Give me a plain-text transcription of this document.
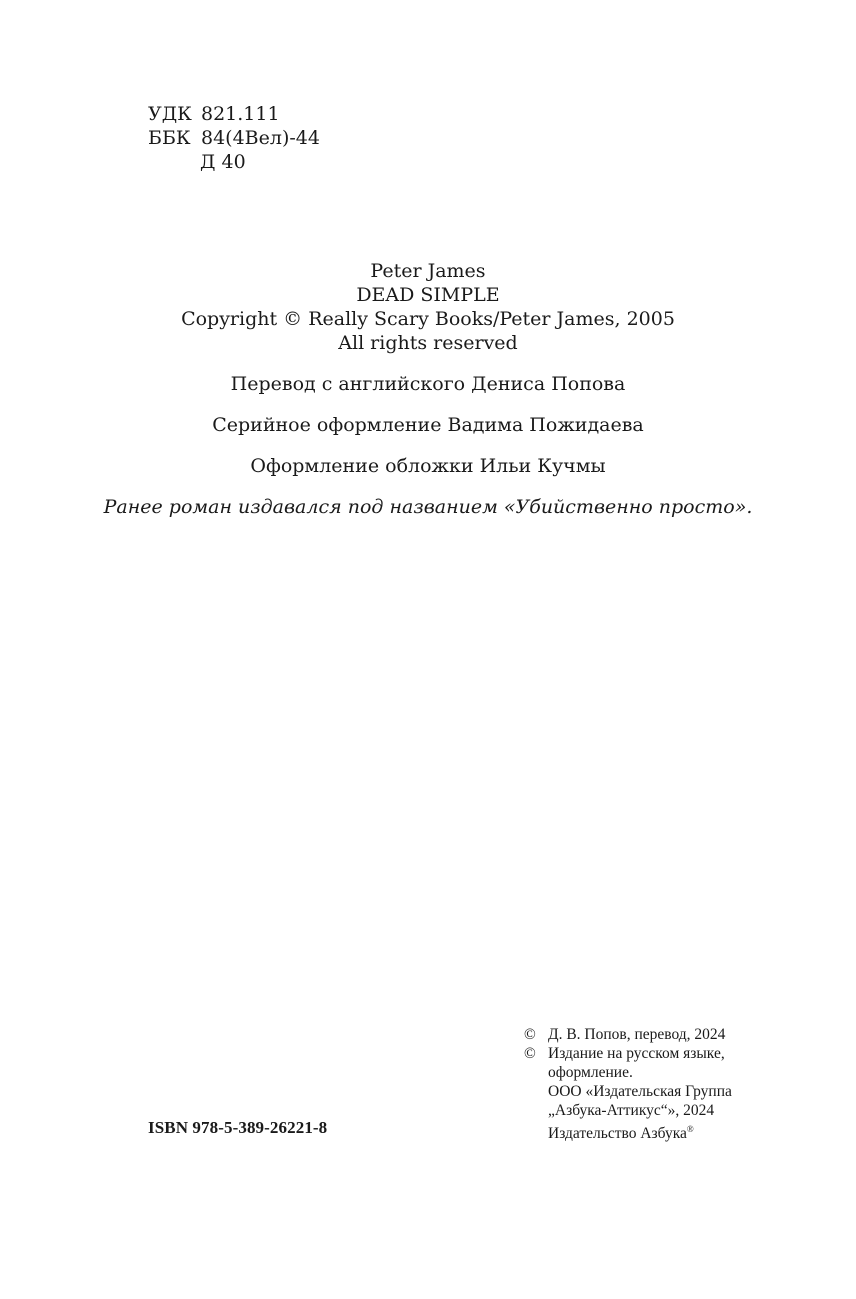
УДК 821.111
ББК 84(4Вел)-44
Д 40
Peter James
DEAD SIMPLE
Copyright © Really Scary Books/Peter James, 2005
All rights reserved
Перевод с английского Дениса Попова
Серийное оформление Вадима Пожидаева
Оформление обложки Ильи Кучмы
Ранее роман издавался под названием «Убийственно просто».
ISBN 978-5-389-26221-8
© Д. В. Попов, перевод, 2024
© Издание на русском языке,
оформление.
ООО «Издательская Группа
„Азбука-Аттикус“», 2024
Издательство Азбука®
